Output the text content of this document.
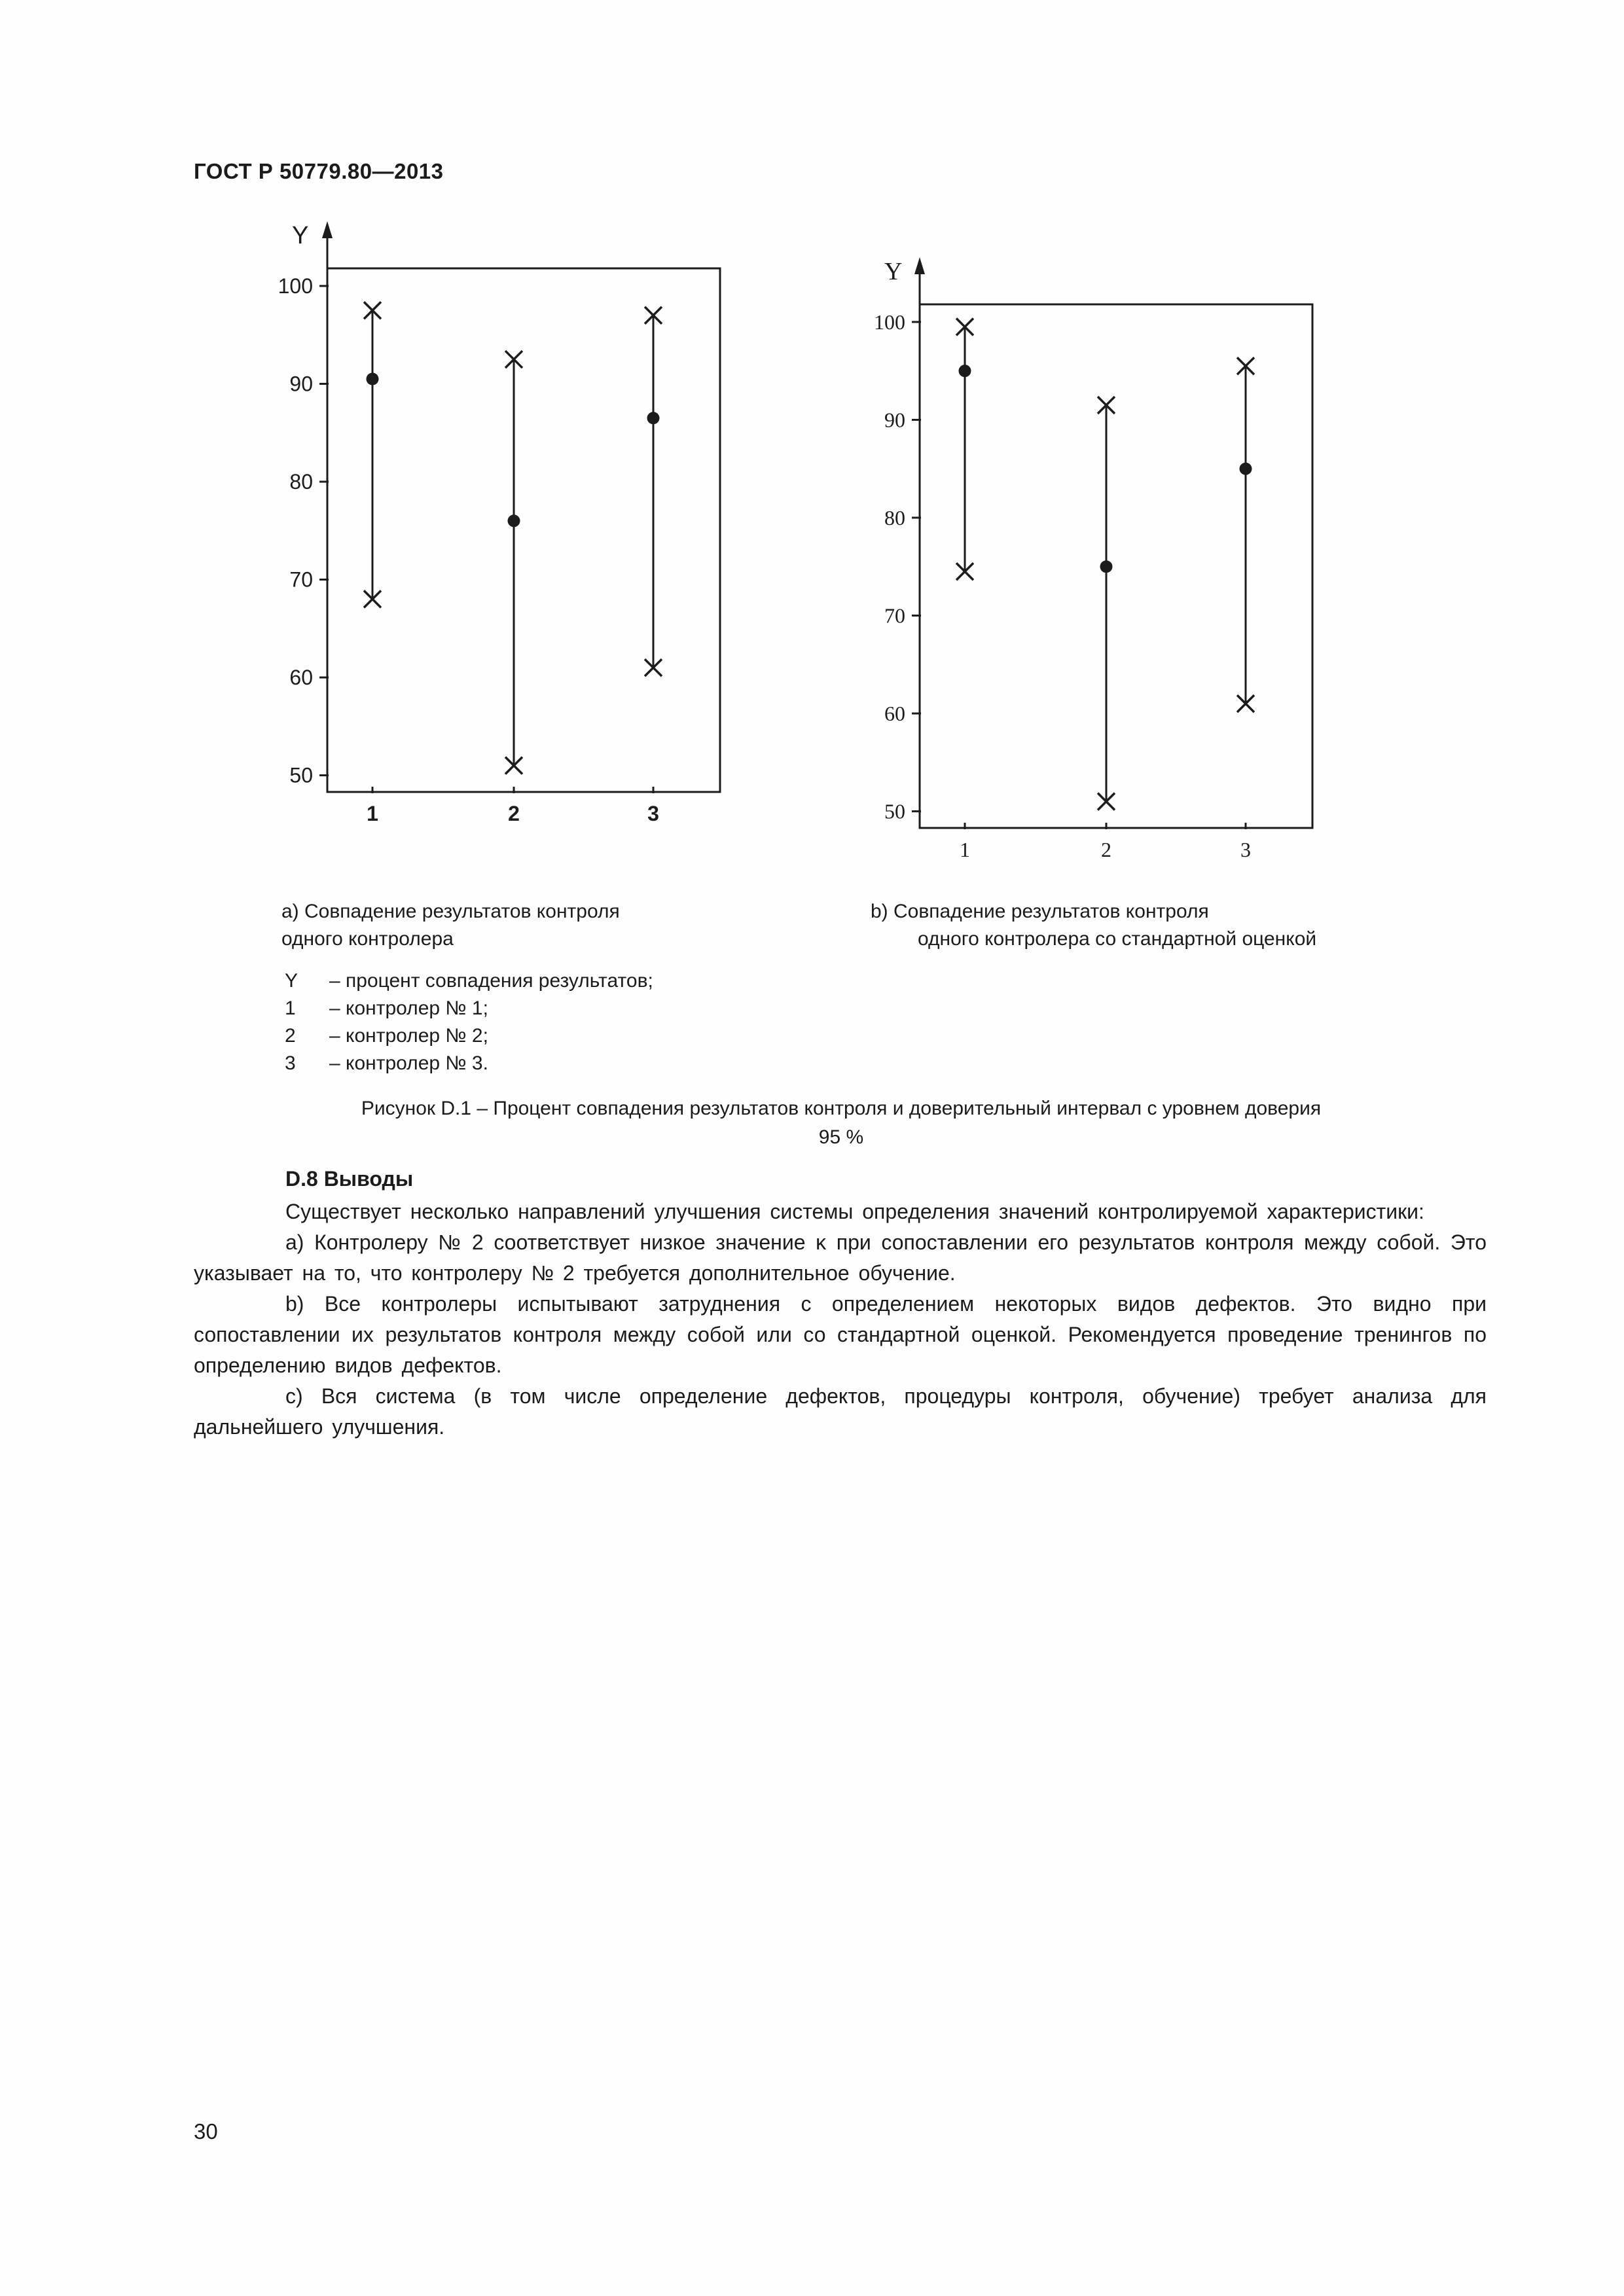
ГОСТ Р 50779.80—2013
Y
50
60
70
80
90
100
1	2	3
Y
50
60
70
80
90
100
1	2	3
a) Совпадение результатов контроля
одного контролера
b) Совпадение результатов контроля
одного контролера со стандартной оценкой
Y – процент совпадения результатов;
1 – контролер № 1;
2 – контролер № 2;
3 – контролер № 3.
Рисунок D.1 – Процент совпадения результатов контроля и доверительный интервал с уровнем доверия
95 %

D.8 Выводы

Существует несколько направлений улучшения системы определения значений контролируемой характеристики:

a) Контролеру № 2 соответствует низкое значение κ при сопоставлении его результатов контроля между собой. Это указывает на то, что контролеру № 2 требуется дополнительное обучение.

b) Все контролеры испытывают затруднения с определением некоторых видов дефектов. Это видно при сопоставлении их результатов контроля между собой или со стандартной оценкой. Рекомендуется проведение тренингов по определению видов дефектов.

c) Вся система (в том числе определение дефектов, процедуры контроля, обучение) требует анализа для дальнейшего улучшения.

30
